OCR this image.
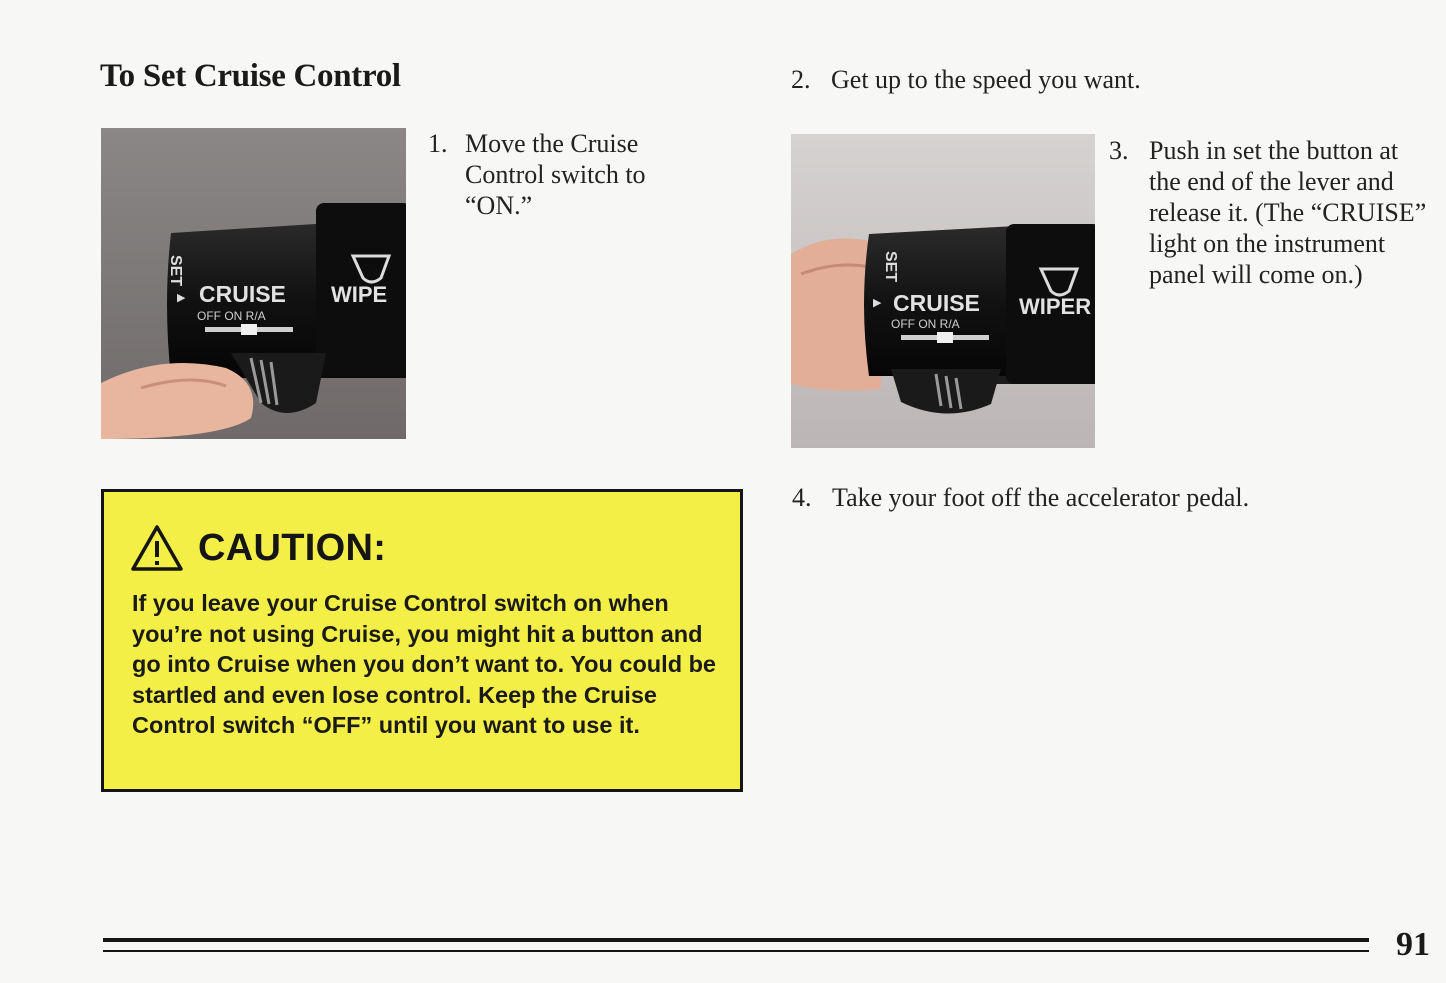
To Set Cruise Control
1. Move the Cruise Control switch to “ON.”
2. Get up to the speed you want.
3. Push in set the button at the end of the lever and release it. (The “CRUISE” light on the instrument panel will come on.)
4. Take your foot off the accelerator pedal.
SET
▶ CRUISE
OFF ON R/A
WIPE
SET
▶ CRUISE
OFF ON R/A
WIPER
CAUTION:
If you leave your Cruise Control switch on when you’re not using Cruise, you might hit a button and go into Cruise when you don’t want to. You could be startled and even lose control. Keep the Cruise Control switch “OFF” until you want to use it.
91
